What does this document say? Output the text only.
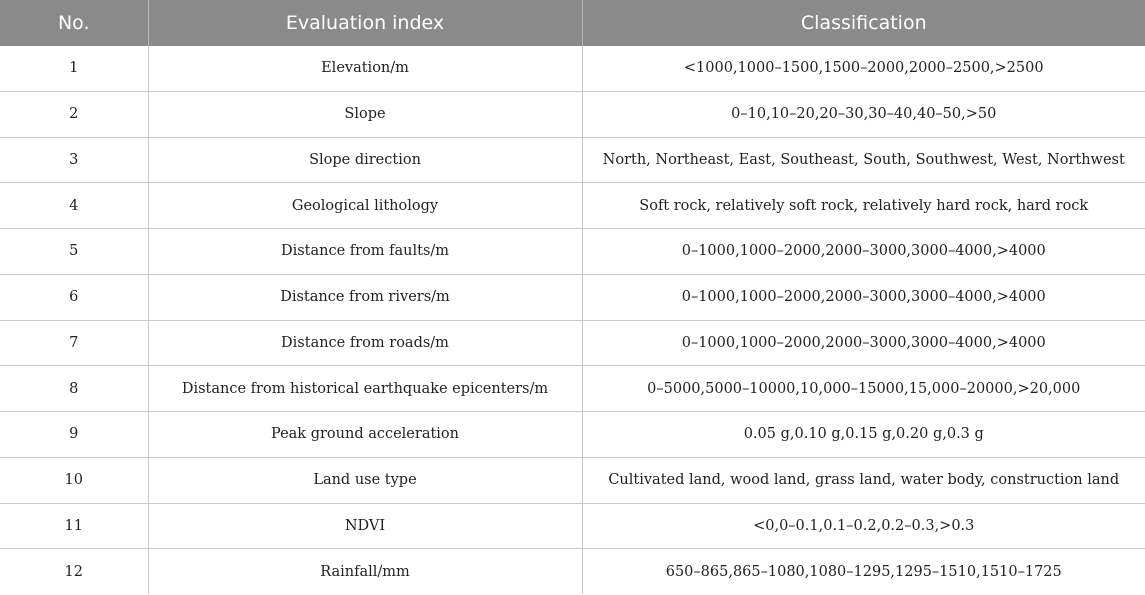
No.	Evaluation index	Classification
1	Elevation/m	<1000,1000–1500,1500–2000,2000–2500,>2500
2	Slope	0–10,10–20,20–30,30–40,40–50,>50
3	Slope direction	North, Northeast, East, Southeast, South, Southwest, West, Northwest
4	Geological lithology	Soft rock, relatively soft rock, relatively hard rock, hard rock
5	Distance from faults/m	0–1000,1000–2000,2000–3000,3000–4000,>4000
6	Distance from rivers/m	0–1000,1000–2000,2000–3000,3000–4000,>4000
7	Distance from roads/m	0–1000,1000–2000,2000–3000,3000–4000,>4000
8	Distance from historical earthquake epicenters/m	0–5000,5000–10000,10,000–15000,15,000–20000,>20,000
9	Peak ground acceleration	0.05 g,0.10 g,0.15 g,0.20 g,0.3 g
10	Land use type	Cultivated land, wood land, grass land, water body, construction land
11	NDVI	<0,0–0.1,0.1–0.2,0.2–0.3,>0.3
12	Rainfall/mm	650–865,865–1080,1080–1295,1295–1510,1510–1725
